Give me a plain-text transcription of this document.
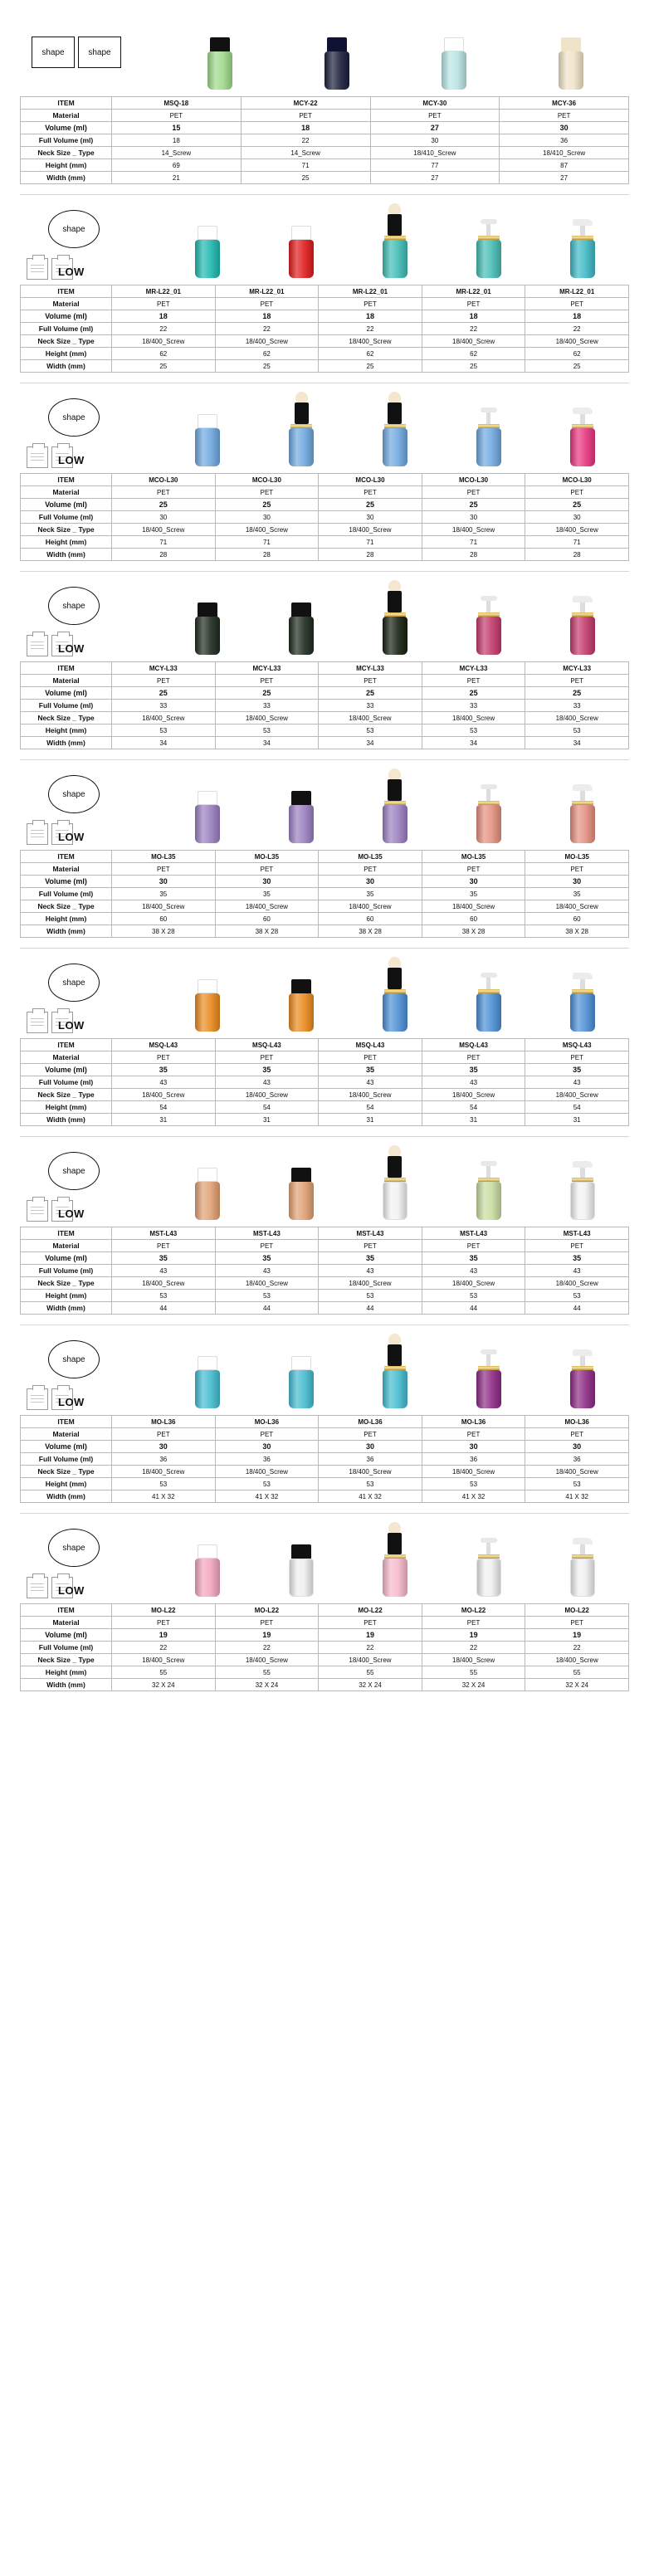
shape	shape
ITEM	MSQ-18	MCY-22	MCY-30	MCY-36
Material	PET	PET	PET	PET
Volume (ml)	15	18	27	30
Full Volume (ml)	18	22	30	36
Neck Size _ Type	14_Screw	14_Screw	18/410_Screw	18/410_Screw
Height (mm)	69	71	77	87
Width (mm)	21	25	27	27
shape
LOW
ITEM	MR-L22_01	MR-L22_01	MR-L22_01	MR-L22_01	MR-L22_01
Material	PET	PET	PET	PET	PET
Volume (ml)	18	18	18	18	18
Full Volume (ml)	22	22	22	22	22
Neck Size _ Type	18/400_Screw	18/400_Screw	18/400_Screw	18/400_Screw	18/400_Screw
Height (mm)	62	62	62	62	62
Width (mm)	25	25	25	25	25
shape
LOW
ITEM	MCO-L30	MCO-L30	MCO-L30	MCO-L30	MCO-L30
Material	PET	PET	PET	PET	PET
Volume (ml)	25	25	25	25	25
Full Volume (ml)	30	30	30	30	30
Neck Size _ Type	18/400_Screw	18/400_Screw	18/400_Screw	18/400_Screw	18/400_Screw
Height (mm)	71	71	71	71	71
Width (mm)	28	28	28	28	28
shape
LOW
ITEM	MCY-L33	MCY-L33	MCY-L33	MCY-L33	MCY-L33
Material	PET	PET	PET	PET	PET
Volume (ml)	25	25	25	25	25
Full Volume (ml)	33	33	33	33	33
Neck Size _ Type	18/400_Screw	18/400_Screw	18/400_Screw	18/400_Screw	18/400_Screw
Height (mm)	53	53	53	53	53
Width (mm)	34	34	34	34	34
shape
LOW
ITEM	MO-L35	MO-L35	MO-L35	MO-L35	MO-L35
Material	PET	PET	PET	PET	PET
Volume (ml)	30	30	30	30	30
Full Volume (ml)	35	35	35	35	35
Neck Size _ Type	18/400_Screw	18/400_Screw	18/400_Screw	18/400_Screw	18/400_Screw
Height (mm)	60	60	60	60	60
Width (mm)	38 X 28	38 X 28	38 X 28	38 X 28	38 X 28
shape
LOW
ITEM	MSQ-L43	MSQ-L43	MSQ-L43	MSQ-L43	MSQ-L43
Material	PET	PET	PET	PET	PET
Volume (ml)	35	35	35	35	35
Full Volume (ml)	43	43	43	43	43
Neck Size _ Type	18/400_Screw	18/400_Screw	18/400_Screw	18/400_Screw	18/400_Screw
Height (mm)	54	54	54	54	54
Width (mm)	31	31	31	31	31
shape
LOW
ITEM	MST-L43	MST-L43	MST-L43	MST-L43	MST-L43
Material	PET	PET	PET	PET	PET
Volume (ml)	35	35	35	35	35
Full Volume (ml)	43	43	43	43	43
Neck Size _ Type	18/400_Screw	18/400_Screw	18/400_Screw	18/400_Screw	18/400_Screw
Height (mm)	53	53	53	53	53
Width (mm)	44	44	44	44	44
shape
LOW
ITEM	MO-L36	MO-L36	MO-L36	MO-L36	MO-L36
Material	PET	PET	PET	PET	PET
Volume (ml)	30	30	30	30	30
Full Volume (ml)	36	36	36	36	36
Neck Size _ Type	18/400_Screw	18/400_Screw	18/400_Screw	18/400_Screw	18/400_Screw
Height (mm)	53	53	53	53	53
Width (mm)	41 X 32	41 X 32	41 X 32	41 X 32	41 X 32
shape
LOW
ITEM	MO-L22	MO-L22	MO-L22	MO-L22	MO-L22
Material	PET	PET	PET	PET	PET
Volume (ml)	19	19	19	19	19
Full Volume (ml)	22	22	22	22	22
Neck Size _ Type	18/400_Screw	18/400_Screw	18/400_Screw	18/400_Screw	18/400_Screw
Height (mm)	55	55	55	55	55
Width (mm)	32 X 24	32 X 24	32 X 24	32 X 24	32 X 24
